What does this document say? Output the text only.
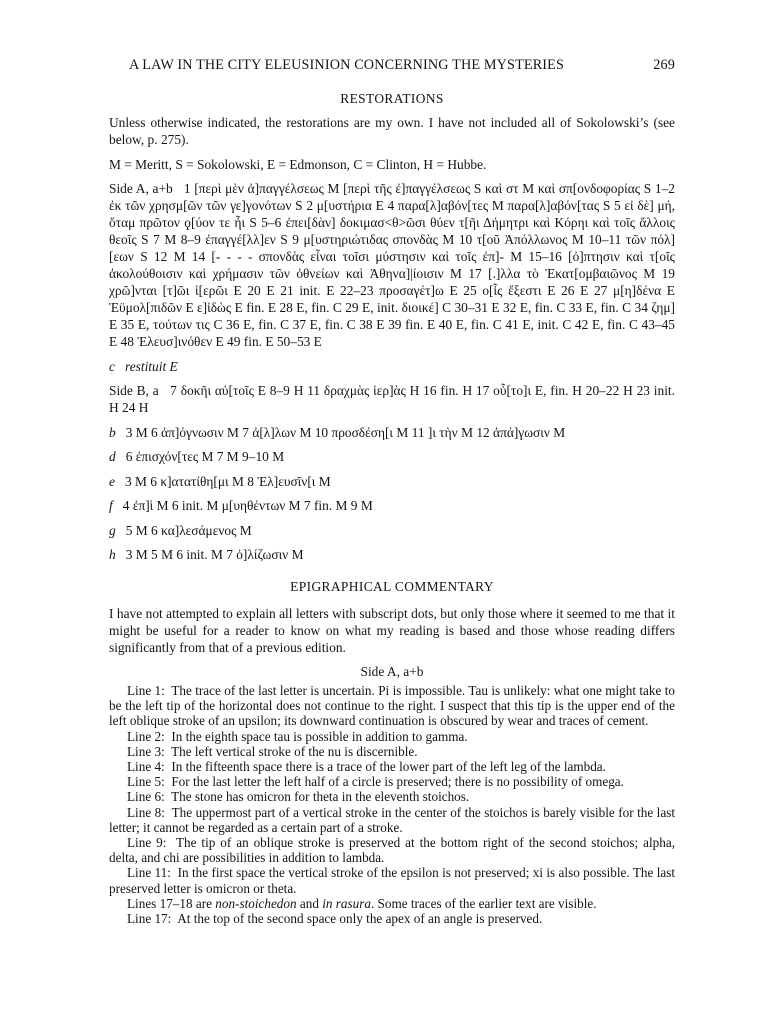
A LAW IN THE CITY ELEUSINION CONCERNING THE MYSTERIES	269
RESTORATIONS

Unless otherwise indicated, the restorations are my own. I have not included all of Sokolowski’s (see below, p. 275).

M = Meritt, S = Sokolowski, E = Edmonson, C = Clinton, H = Hubbe.

Side A, a+b 1 [περὶ μὲν ἀ]παγγέλσεως M [περὶ τῆς ἐ]παγγέλσεως S καὶ στ M καὶ σπ[ονδοφορίας S 1–2 ἐκ τῶν χρησμ[ῶν τῶν γε]γονότων S 2 μ[υστήρια E 4 παρα[λ]αβόν[τες M παρα[λ]αβόν[τας S 5 εἰ δὲ] μή, ὅταμ πρῶτον ϙ[ύον τε ἦι S 5–6 ἐπει[δὰν] δοκιμασ<θ>ῶσι θύεν τ[ῆι Δήμητρι καὶ Κόρηι καὶ τοῖς ἄλλοις θεοῖς S 7 M 8–9 ἐπαγγέ[λλ]εν S 9 μ[υστηριώτιδας σπονδὰς M 10 τ[οῦ Ἀπόλλωνος M 10–11 τῶν πόλ][εων S 12 M 14 [- - - - σπονδὰς εἶναι τοῖσι μύστησιν καὶ τοῖς ἐπ]- M 15–16 [ὀ]πτησιν καὶ τ[οῖς ἀκολούθοισιν καὶ χρήμασιν τῶν ὀθνείων καὶ Ἀθηνα]|ίοισιν M 17 [.]λλα τὸ Ἑκατ[ομβαιῶνος M 19 χρῶ]νται [τ]ῶι ἱ[ερῶι E 20 E 21 init. E 22–23 προσαγέτ]ω E 25 ο[ἷς ἔξεστι E 26 E 27 μ[η]δένα E Ἐϋμολ[πιδῶν E ε]ἰδὼς E fin. E 28 E, fin. C 29 E, init. διοικέ] C 30–31 E 32 E, fin. C 33 E, fin. C 34 ζημ] E 35 E, τούτων τις C 36 E, fin. C 37 E, fin. C 38 E 39 fin. E 40 E, fin. C 41 E, init. C 42 E, fin. C 43–45 E 48 Ἐλευσ]ινόθεν E 49 fin. E 50–53 E

c restituit E

Side B, a 7 δοκῆι αὐ[τοῖς E 8–9 H 11 δραχμὰς ἱερ]ὰς H 16 fin. H 17 οὗ[το]ι E, fin. H 20–22 H 23 init. H 24 H

b 3 M 6 ἀπ]όγνωσιν M 7 ἀ[λ]λων M 10 προσδέση[ι M 11 ]ι τὴν M 12 ἀπά]γωσιν M

d 6 ἐπισχόν[τες M 7 M 9–10 M

e 3 M 6 κ]ατατίθη[μι M 8 Ἐλ]ευσῖν[ι M

f 4 ἐπ]ὶ M 6 init. M μ[υηθέντων M 7 fin. M 9 M

g 5 M 6 κα]λεσάμενος M

h 3 M 5 M 6 init. M 7 ὀ]λίζωσιν M

EPIGRAPHICAL COMMENTARY

I have not attempted to explain all letters with subscript dots, but only those where it seemed to me that it might be useful for a reader to know on what my reading is based and those whose reading differs significantly from that of a previous edition.

Side A, a+b

Line 1: The trace of the last letter is uncertain. Pi is impossible. Tau is unlikely: what one might take to be the left tip of the horizontal does not continue to the right. I suspect that this tip is the upper end of the left oblique stroke of an upsilon; its downward continuation is obscured by wear and traces of cement.

Line 2: In the eighth space tau is possible in addition to gamma.

Line 3: The left vertical stroke of the nu is discernible.

Line 4: In the fifteenth space there is a trace of the lower part of the left leg of the lambda.

Line 5: For the last letter the left half of a circle is preserved; there is no possibility of omega.

Line 6: The stone has omicron for theta in the eleventh stoichos.

Line 8: The uppermost part of a vertical stroke in the center of the stoichos is barely visible for the last letter; it cannot be regarded as a certain part of a stroke.

Line 9: The tip of an oblique stroke is preserved at the bottom right of the second stoichos; alpha, delta, and chi are possibilities in addition to lambda.

Line 11: In the first space the vertical stroke of the epsilon is not preserved; xi is also possible. The last preserved letter is omicron or theta.

Lines 17–18 are non-stoichedon and in rasura. Some traces of the earlier text are visible.

Line 17: At the top of the second space only the apex of an angle is preserved.
